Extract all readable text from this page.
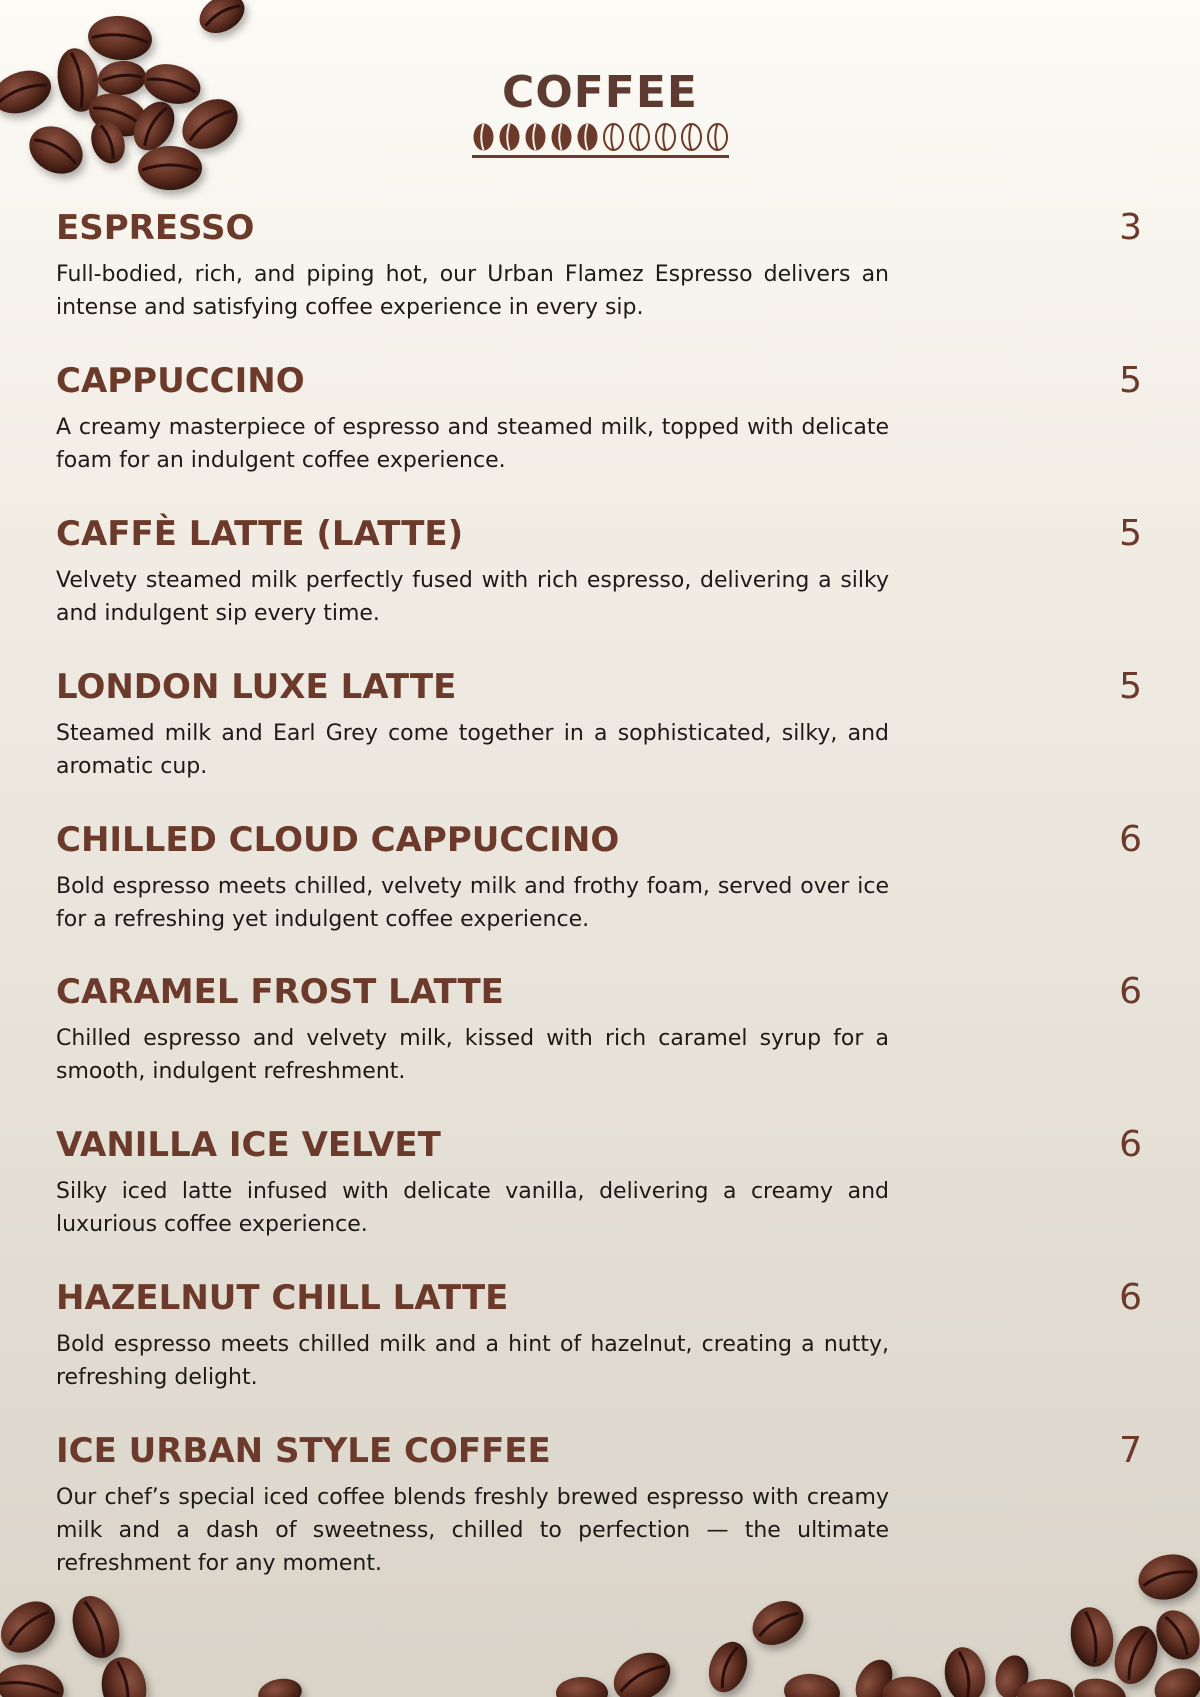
COFFEE
ESPRESSO	3

Full-bodied, rich, and piping hot, our Urban Flamez Espresso delivers an intense and satisfying coffee experience in every sip.

CAPPUCCINO	5

A creamy masterpiece of espresso and steamed milk, topped with delicate foam for an indulgent coffee experience.

CAFFÈ LATTE (LATTE)	5

Velvety steamed milk perfectly fused with rich espresso, delivering a silky and indulgent sip every time.

LONDON LUXE LATTE	5

Steamed milk and Earl Grey come together in a sophisticated, silky, and aromatic cup.

CHILLED CLOUD CAPPUCCINO	6

Bold espresso meets chilled, velvety milk and frothy foam, served over ice for a refreshing yet indulgent coffee experience.

CARAMEL FROST LATTE	6

Chilled espresso and velvety milk, kissed with rich caramel syrup for a smooth, indulgent refreshment.

VANILLA ICE VELVET	6

Silky iced latte infused with delicate vanilla, delivering a creamy and luxurious coffee experience.

HAZELNUT CHILL LATTE	6

Bold espresso meets chilled milk and a hint of hazelnut, creating a nutty, refreshing delight.

ICE URBAN STYLE COFFEE	7

Our chef’s special iced coffee blends freshly brewed espresso with creamy milk and a dash of sweetness, chilled to perfection — the ultimate refreshment for any moment.
